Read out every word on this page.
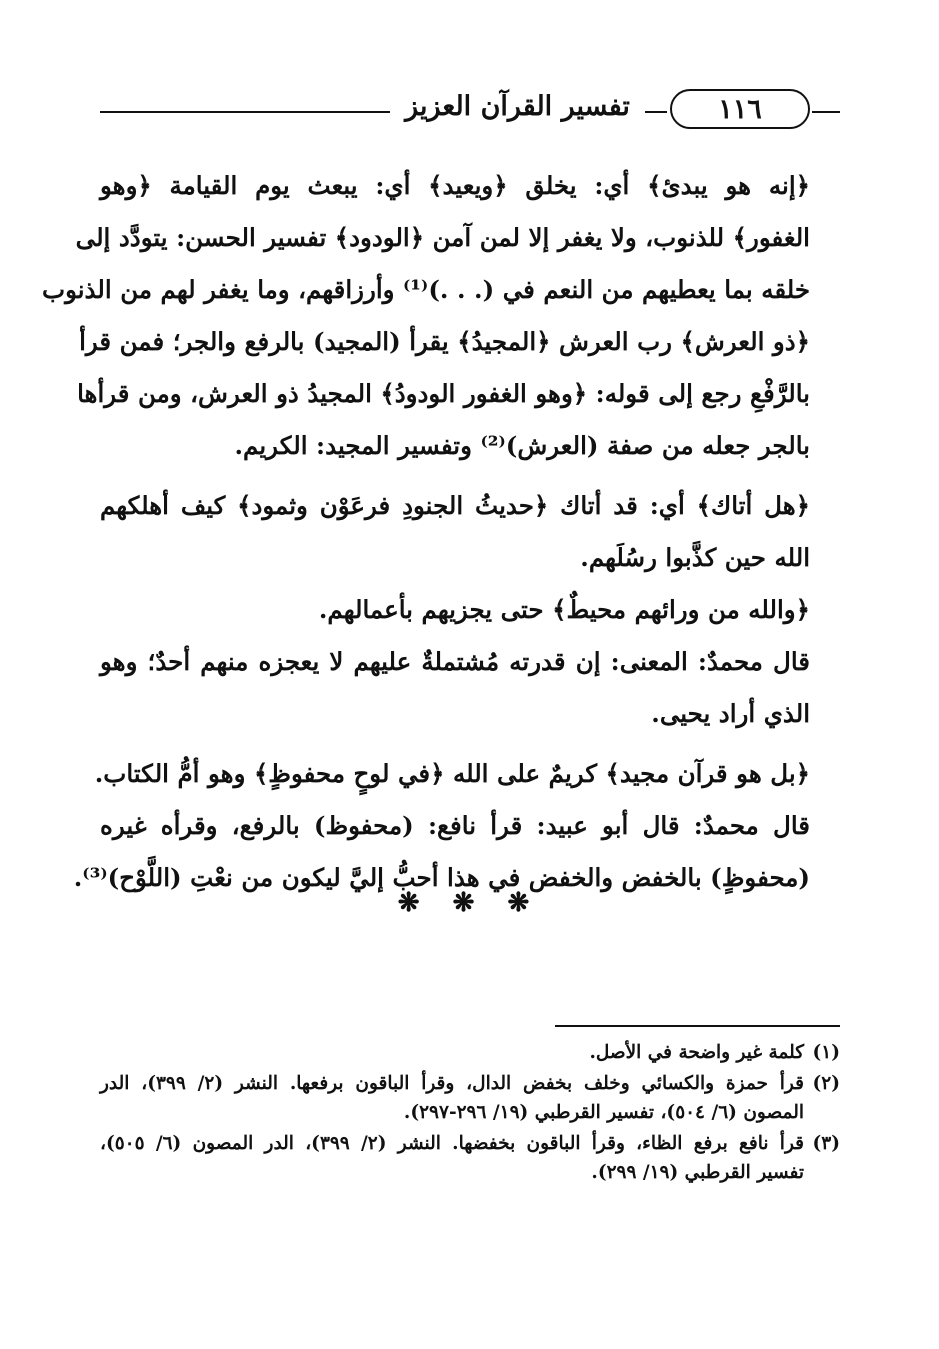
تفسير القرآن العزيز	١١٦

﴿إنه هو يبدئ﴾ أي: يخلق ﴿ويعيد﴾ أي: يبعث يوم القيامة ﴿وهو
الغفور﴾ للذنوب، ولا يغفر إلا لمن آمن ﴿الودود﴾ تفسير الحسن: يتودَّد إلى
خلقه بما يعطيهم من النعم في (. . .)⁽¹⁾ وأرزاقهم، وما يغفر لهم من الذنوب
﴿ذو العرش﴾ رب العرش ﴿المجيدُ﴾ يقرأ (المجيد) بالرفع والجر؛ فمن قرأ
بالرَّفْعِ رجع إلى قوله: ﴿وهو الغفور الودودُ﴾ المجيدُ ذو العرش، ومن قرأها
بالجر جعله من صفة (العرش)⁽²⁾ وتفسير المجيد: الكريم.

﴿هل أتاك﴾ أي: قد أتاك ﴿حديثُ الجنودِ فرعَوْن وثمود﴾ كيف أهلكهم
الله حين كذَّبوا رسُلَهم.

﴿والله من ورائهم محيطٌ﴾ حتى يجزيهم بأعمالهم.

قال محمدٌ: المعنى: إن قدرته مُشتملةٌ عليهم لا يعجزه منهم أحدٌ؛ وهو
الذي أراد يحيى.

﴿بل هو قرآن مجيد﴾ كريمٌ على الله ﴿في لوحٍ محفوظٍ﴾ وهو أمُّ الكتاب.

قال محمدٌ: قال أبو عبيد: قرأ نافع: (محفوظ) بالرفع، وقرأه غيره
(محفوظٍ) بالخفض والخفض في هذا أحبُّ إليَّ ليكون من نعْتِ (اللَّوْح)⁽³⁾.

❋ ❋ ❋
(١)
كلمة غير واضحة في الأصل.
(٢)
قرأ حمزة والكسائي وخلف بخفض الدال، وقرأ الباقون برفعها. النشر (٢/ ٣٩٩)، الدر
المصون (٦/ ٥٠٤)، تفسير القرطبي (١٩/ ٢٩٦-٢٩٧).
(٣)
قرأ نافع برفع الظاء، وقرأ الباقون بخفضها. النشر (٢/ ٣٩٩)، الدر المصون (٦/ ٥٠٥)،
تفسير القرطبي (١٩/ ٢٩٩).
